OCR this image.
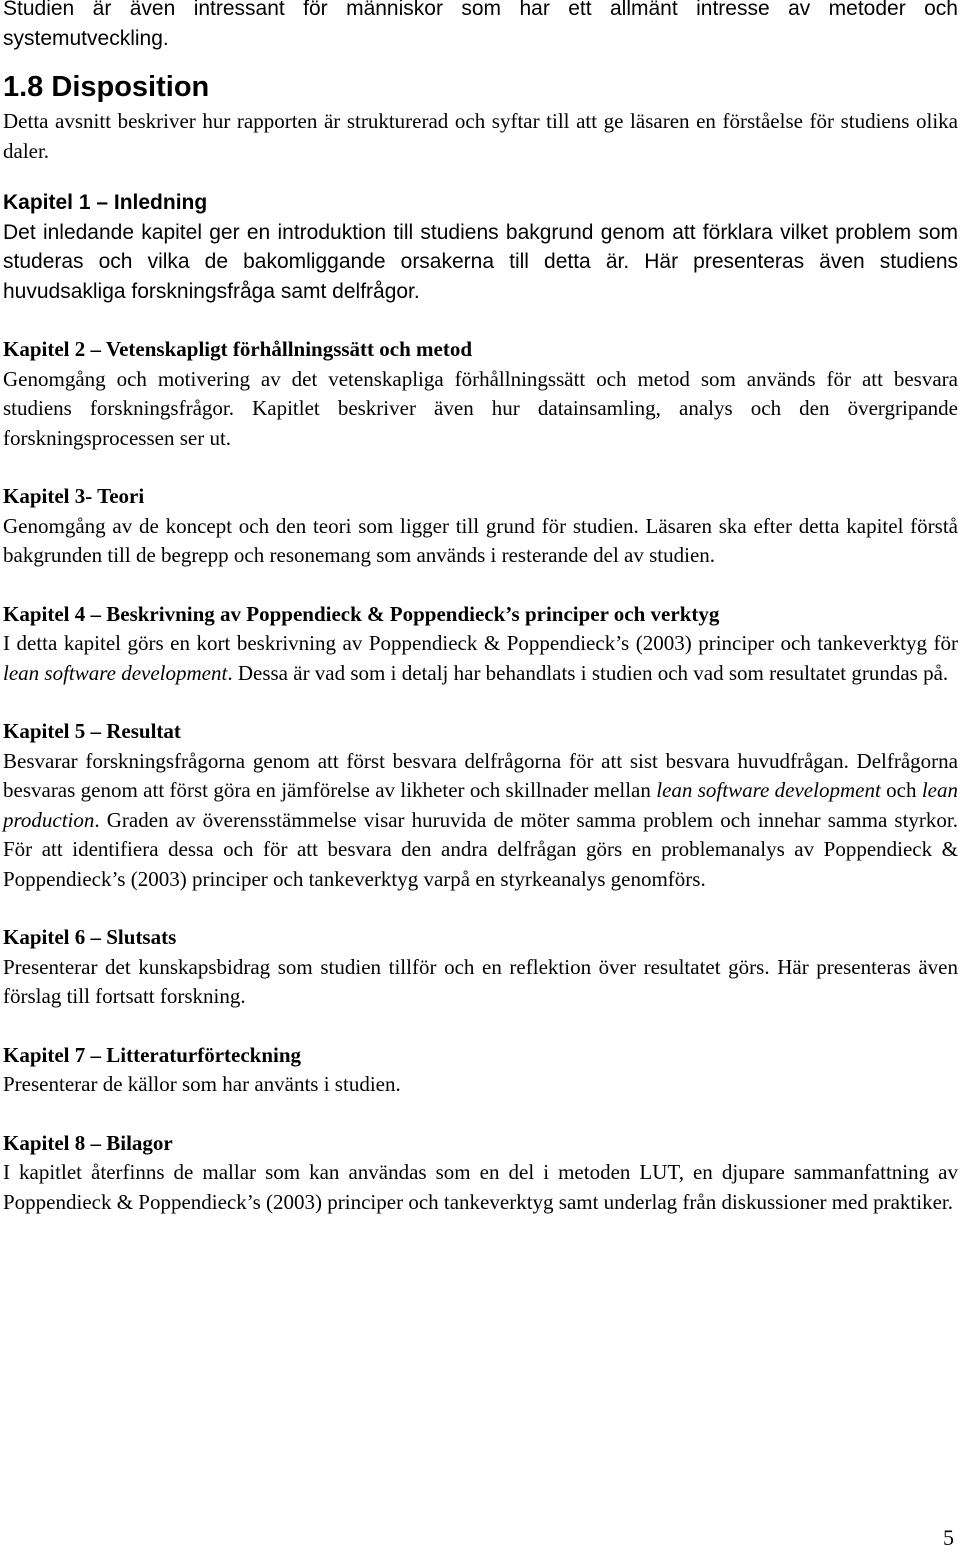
Studien är även intressant för människor som har ett allmänt intresse av metoder och systemutveckling.

1.8 Disposition

Detta avsnitt beskriver hur rapporten är strukturerad och syftar till att ge läsaren en förståelse för studiens olika daler.

Kapitel 1 – Inledning

Det inledande kapitel ger en introduktion till studiens bakgrund genom att förklara vilket problem som studeras och vilka de bakomliggande orsakerna till detta är. Här presenteras även studiens huvudsakliga forskningsfråga samt delfrågor.

Kapitel 2 – Vetenskapligt förhållningssätt och metod

Genomgång och motivering av det vetenskapliga förhållningssätt och metod som används för att besvara studiens forskningsfrågor. Kapitlet beskriver även hur datainsamling, analys och den övergripande forskningsprocessen ser ut.

Kapitel 3- Teori

Genomgång av de koncept och den teori som ligger till grund för studien. Läsaren ska efter detta kapitel förstå bakgrunden till de begrepp och resonemang som används i resterande del av studien.

Kapitel 4 – Beskrivning av Poppendieck & Poppendieck’s principer och verktyg

I detta kapitel görs en kort beskrivning av Poppendieck & Poppendieck’s (2003) principer och tankeverktyg för lean software development. Dessa är vad som i detalj har behandlats i studien och vad som resultatet grundas på.

Kapitel 5 – Resultat

Besvarar forskningsfrågorna genom att först besvara delfrågorna för att sist besvara huvudfrågan. Delfrågorna besvaras genom att först göra en jämförelse av likheter och skillnader mellan lean software development och lean production. Graden av överensstämmelse visar huruvida de möter samma problem och innehar samma styrkor. För att identifiera dessa och för att besvara den andra delfrågan görs en problemanalys av Poppendieck & Poppendieck’s (2003) principer och tankeverktyg varpå en styrkeanalys genomförs.

Kapitel 6 – Slutsats

Presenterar det kunskapsbidrag som studien tillför och en reflektion över resultatet görs. Här presenteras även förslag till fortsatt forskning.

Kapitel 7 – Litteraturförteckning

Presenterar de källor som har använts i studien.

Kapitel 8 – Bilagor

I kapitlet återfinns de mallar som kan användas som en del i metoden LUT, en djupare sammanfattning av Poppendieck & Poppendieck’s (2003) principer och tankeverktyg samt underlag från diskussioner med praktiker.

5
